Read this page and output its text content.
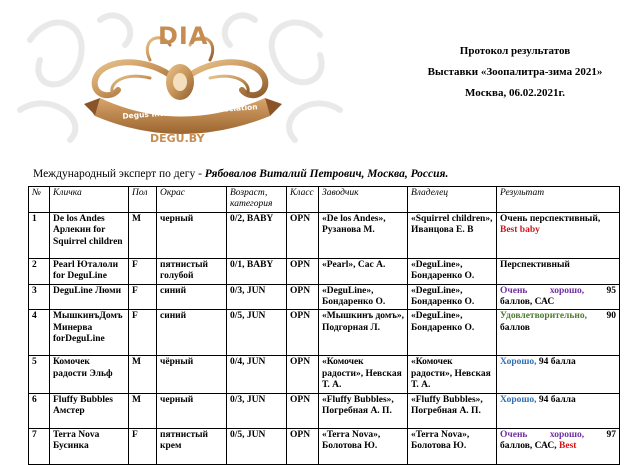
DIA
Degus International Association
DEGU.BY
Протокол результатов
Выставки «Зоопалитра-зима 2021»
Москва, 06.02.2021г.
Международный эксперт по дегу - Рябовалов Виталий Петрович, Москва, Россия.
№	Кличка	Пол	Окрас	Возраст, категория	Класс	Заводчик	Владелец	Результат
1	De los Andes Арлекин for Squirrel children	M	черный	0/2, BABY	OPN	«De los Andes», Рузанова М.	«Squirrel children», Иванцова Е. В	Очень перспективный,
Best baby
2	Pearl Юталоли for DeguLine	F	пятнистый голубой	0/1, BABY	OPN	«Pearl», Сас А.	«DeguLine», Бондаренко О.	Перспективный
3	DeguLine Люми	F	синий	0/3, JUN	OPN	«DeguLine», Бондаренко О.	«DeguLine», Бондаренко О.	Очень хорошо, 95
баллов, САС
4	МышкинъДомъ Минерва forDeguLine	F	синий	0/5, JUN	OPN	«Мышкинъ домъ», Подгорная Л.	«DeguLine», Бондаренко О.	Удовлетворительно, 90
баллов
5	Комочек радости Эльф	M	чёрный	0/4, JUN	OPN	«Комочек радости», Невская Т. А.	«Комочек радости», Невская Т. А.	Хорошо, 94 балла
6	Fluffy Bubbles Амстер	M	черный	0/3, JUN	OPN	«Fluffy Bubbles», Погребная А. П.	«Fluffy Bubbles», Погребная А. П.	Хорошо, 94 балла
7	Terra Nova Бусинка	F	пятнистый крем	0/5, JUN	OPN	«Terra Nova», Болотова Ю.	«Terra Nova», Болотова Ю.	Очень хорошо, 97
баллов, САС, Best
